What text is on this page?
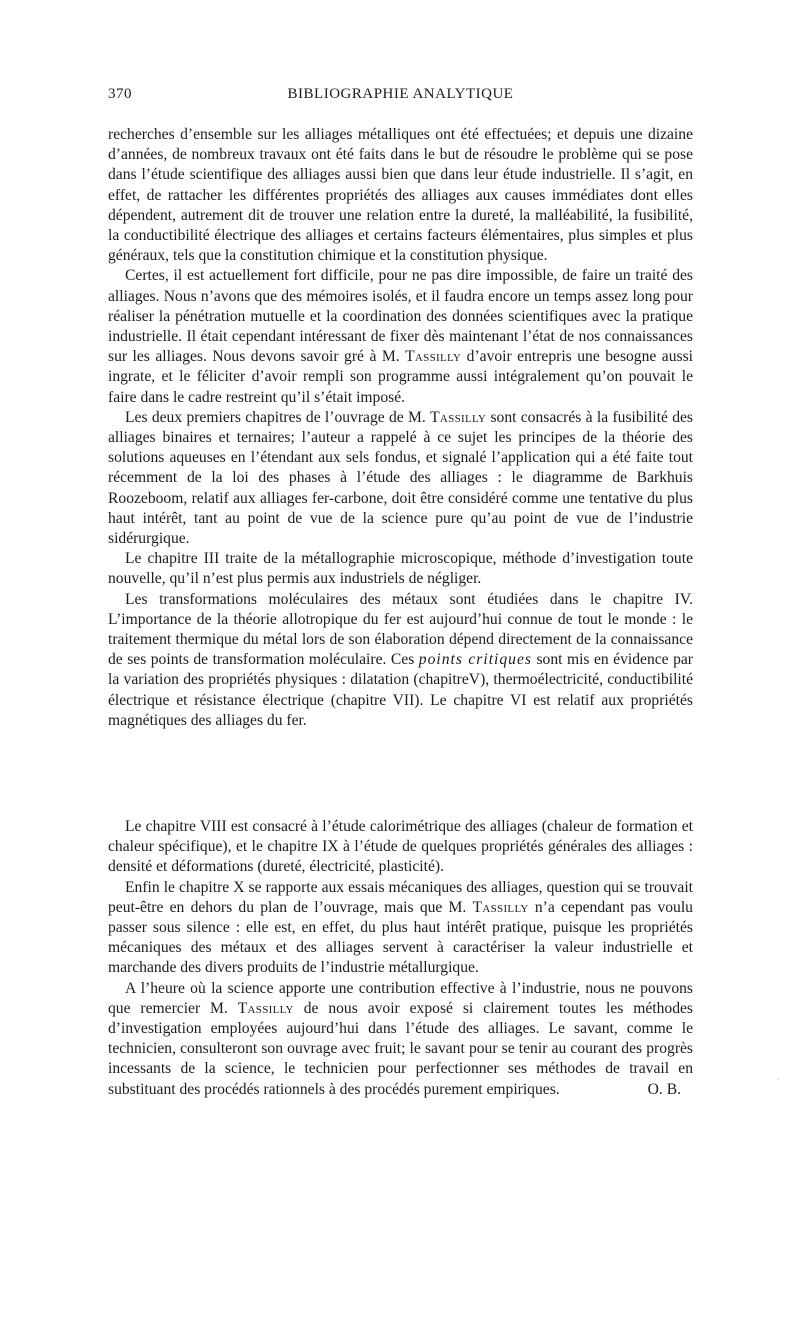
370	BIBLIOGRAPHIE ANALYTIQUE

recherches d’ensemble sur les alliages métalliques ont été effectuées; et depuis une dizaine d’années, de nombreux travaux ont été faits dans le but de résoudre le problème qui se pose dans l’étude scientifique des alliages aussi bien que dans leur étude industrielle. Il s’agit, en effet, de rattacher les différentes propriétés des alliages aux causes immédiates dont elles dépendent, autrement dit de trouver une relation entre la dureté, la malléabilité, la fusibilité, la conductibilité électrique des alliages et certains facteurs élémentaires, plus simples et plus généraux, tels que la constitution chimique et la constitution physique.

Certes, il est actuellement fort difficile, pour ne pas dire impossible, de faire un traité des alliages. Nous n’avons que des mémoires isolés, et il faudra encore un temps assez long pour réaliser la pénétration mutuelle et la coordination des données scientifiques avec la pratique industrielle. Il était cependant intéressant de fixer dès maintenant l’état de nos connaissances sur les alliages. Nous devons savoir gré à M. Tassilly d’avoir entrepris une besogne aussi ingrate, et le féliciter d’avoir rempli son programme aussi intégralement qu’on pouvait le faire dans le cadre restreint qu’il s’était imposé.

Les deux premiers chapitres de l’ouvrage de M. Tassilly sont consacrés à la fusibilité des alliages binaires et ternaires; l’auteur a rappelé à ce sujet les principes de la théorie des solutions aqueuses en l’étendant aux sels fondus, et signalé l’application qui a été faite tout récemment de la loi des phases à l’étude des alliages : le diagramme de Barkhuis Roozeboom, relatif aux alliages fer-carbone, doit être considéré comme une tentative du plus haut intérêt, tant au point de vue de la science pure qu’au point de vue de l’industrie sidérurgique.

Le chapitre III traite de la métallographie microscopique, méthode d’investigation toute nouvelle, qu’il n’est plus permis aux industriels de négliger.

Les transformations moléculaires des métaux sont étudiées dans le chapitre IV. L’importance de la théorie allotropique du fer est aujourd’hui connue de tout le monde : le traitement thermique du métal lors de son élaboration dépend directement de la connaissance de ses points de transformation moléculaire. Ces points critiques sont mis en évidence par la variation des propriétés physiques : dilatation (chapitreV), thermoélectricité, conductibilité électrique et résistance électrique (chapitre VII). Le chapitre VI est relatif aux propriétés magnétiques des alliages du fer.

Le chapitre VIII est consacré à l’étude calorimétrique des alliages (chaleur de formation et chaleur spécifique), et le chapitre IX à l’étude de quelques propriétés générales des alliages : densité et déformations (dureté, électricité, plasticité).

Enfin le chapitre X se rapporte aux essais mécaniques des alliages, question qui se trouvait peut-être en dehors du plan de l’ouvrage, mais que M. Tassilly n’a cependant pas voulu passer sous silence : elle est, en effet, du plus haut intérêt pratique, puisque les propriétés mécaniques des métaux et des alliages servent à caractériser la valeur industrielle et marchande des divers produits de l’industrie métallurgique.

A l’heure où la science apporte une contribution effective à l’industrie, nous ne pouvons que remercier M. Tassilly de nous avoir exposé si clairement toutes les méthodes d’investigation employées aujourd’hui dans l’étude des alliages. Le savant, comme le technicien, consulteront son ouvrage avec fruit; le savant pour se tenir au courant des progrès incessants de la science, le technicien pour perfectionner ses méthodes de travail en substituant des procédés rationnels à des procédés purement empiriques.	O. B.

·
